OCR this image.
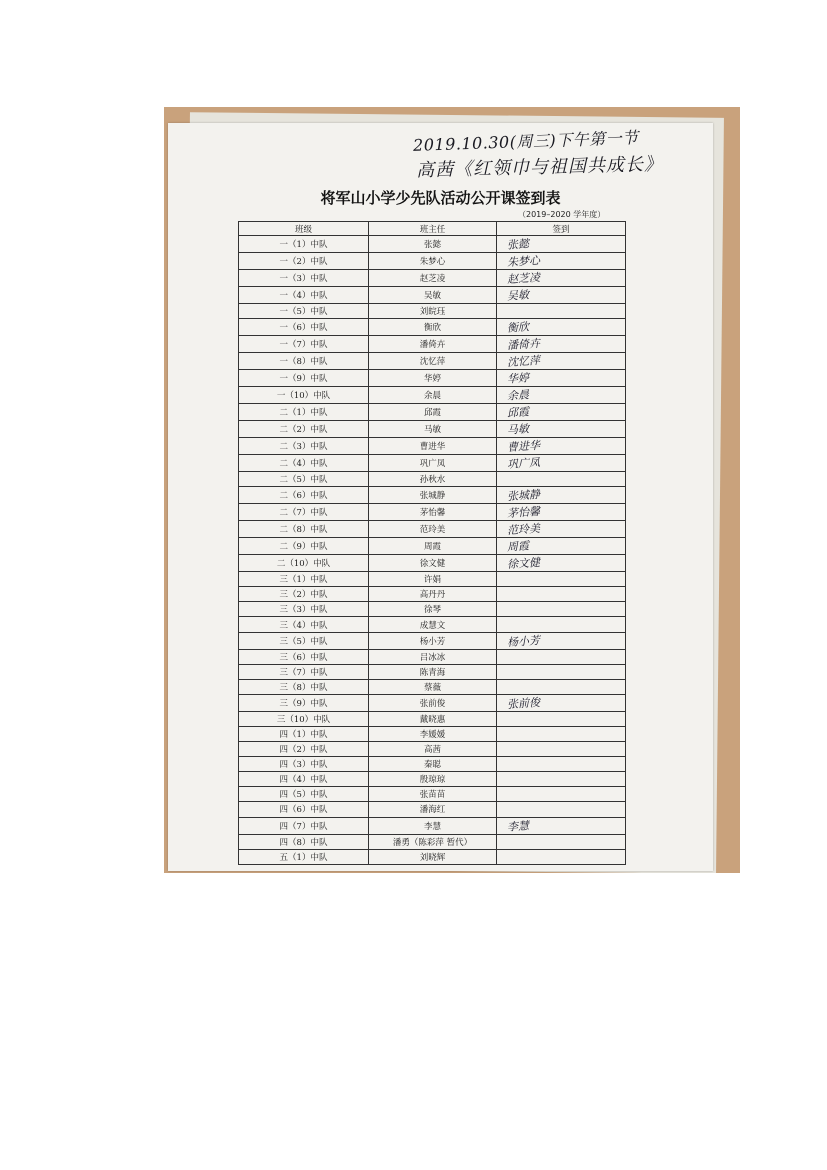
2019.10.30(周三)下午第一节
高茜《红领巾与祖国共成长》
将军山小学少先队活动公开课签到表
（2019–2020 学年度）
班级	班主任	签到
一（1）中队	张懿	张懿
一（2）中队	朱梦心	朱梦心
一（3）中队	赵芝凌	赵芝凌
一（4）中队	吴敏	吴敏
一（5）中队	刘皖珏	
一（6）中队	衡欣	衡欣
一（7）中队	潘倚卉	潘倚卉
一（8）中队	沈忆萍	沈忆萍
一（9）中队	华婷	华婷
一（10）中队	余晨	余晨
二（1）中队	邱霞	邱霞
二（2）中队	马敏	马敏
二（3）中队	曹进华	曹进华
二（4）中队	巩广凤	巩广凤
二（5）中队	孙秋水	
二（6）中队	张城静	张城静
二（7）中队	茅怡馨	茅怡馨
二（8）中队	范玲美	范玲美
二（9）中队	周霞	周霞
二（10）中队	徐文健	徐文健
三（1）中队	许娟	
三（2）中队	高丹丹	
三（3）中队	徐琴	
三（4）中队	成慧文	
三（5）中队	杨小芳	杨小芳
三（6）中队	吕冰冰	
三（7）中队	陈青海	
三（8）中队	蔡薇	
三（9）中队	张前俊	张前俊
三（10）中队	戴晓惠	
四（1）中队	李媛媛	
四（2）中队	高茜	
四（3）中队	秦聪	
四（4）中队	殷琼琼	
四（5）中队	张苗苗	
四（6）中队	潘海红	
四（7）中队	李慧	李慧
四（8）中队	潘勇（陈彩萍 暂代）	
五（1）中队	刘晓辉	
